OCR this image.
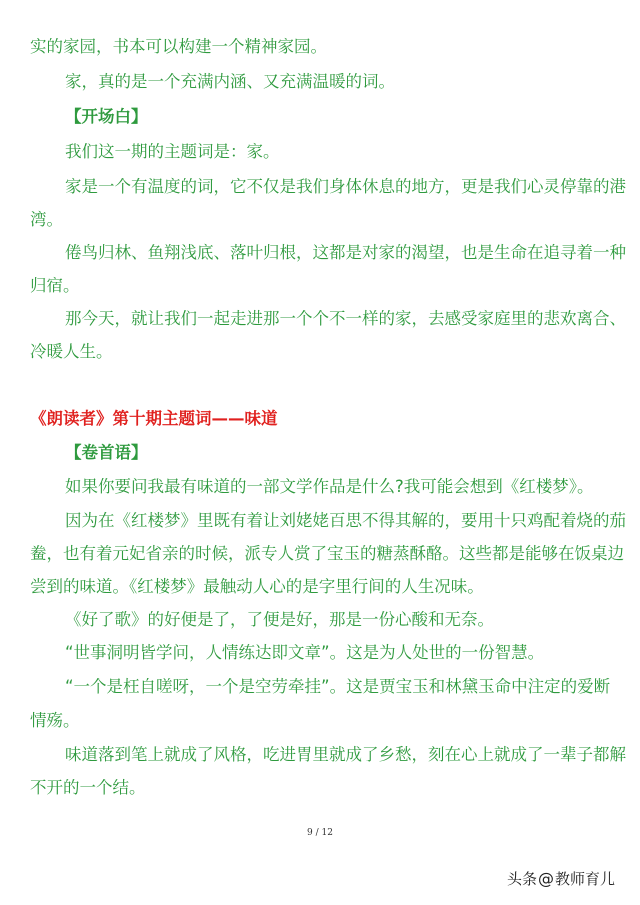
实的家园，书本可以构建一个精神家园。
家，真的是一个充满内涵、又充满温暖的词。
【开场白】
我们这一期的主题词是：家。
家是一个有温度的词，它不仅是我们身体休息的地方，更是我们心灵停靠的港
湾。
倦鸟归林、鱼翔浅底、落叶归根，这都是对家的渴望，也是生命在追寻着一种
归宿。
那今天，就让我们一起走进那一个个不一样的家，去感受家庭里的悲欢离合、
冷暖人生。
《朗读者》第十期主题词——味道
【卷首语】
如果你要问我最有味道的一部文学作品是什么?我可能会想到《红楼梦》。
因为在《红楼梦》里既有着让刘姥姥百思不得其解的，要用十只鸡配着烧的茄
鲞，也有着元妃省亲的时候，派专人赏了宝玉的糖蒸酥酪。这些都是能够在饭桌边
尝到的味道。《红楼梦》最触动人心的是字里行间的人生况味。
《好了歌》的好便是了，了便是好，那是一份心酸和无奈。
“世事洞明皆学问，人情练达即文章”。这是为人处世的一份智慧。
“一个是枉自嗟呀，一个是空劳牵挂”。这是贾宝玉和林黛玉命中注定的爱断
情殇。
味道落到笔上就成了风格，吃进胃里就成了乡愁，刻在心上就成了一辈子都解
不开的一个结。
9 / 12
头条 @ 教师育儿
